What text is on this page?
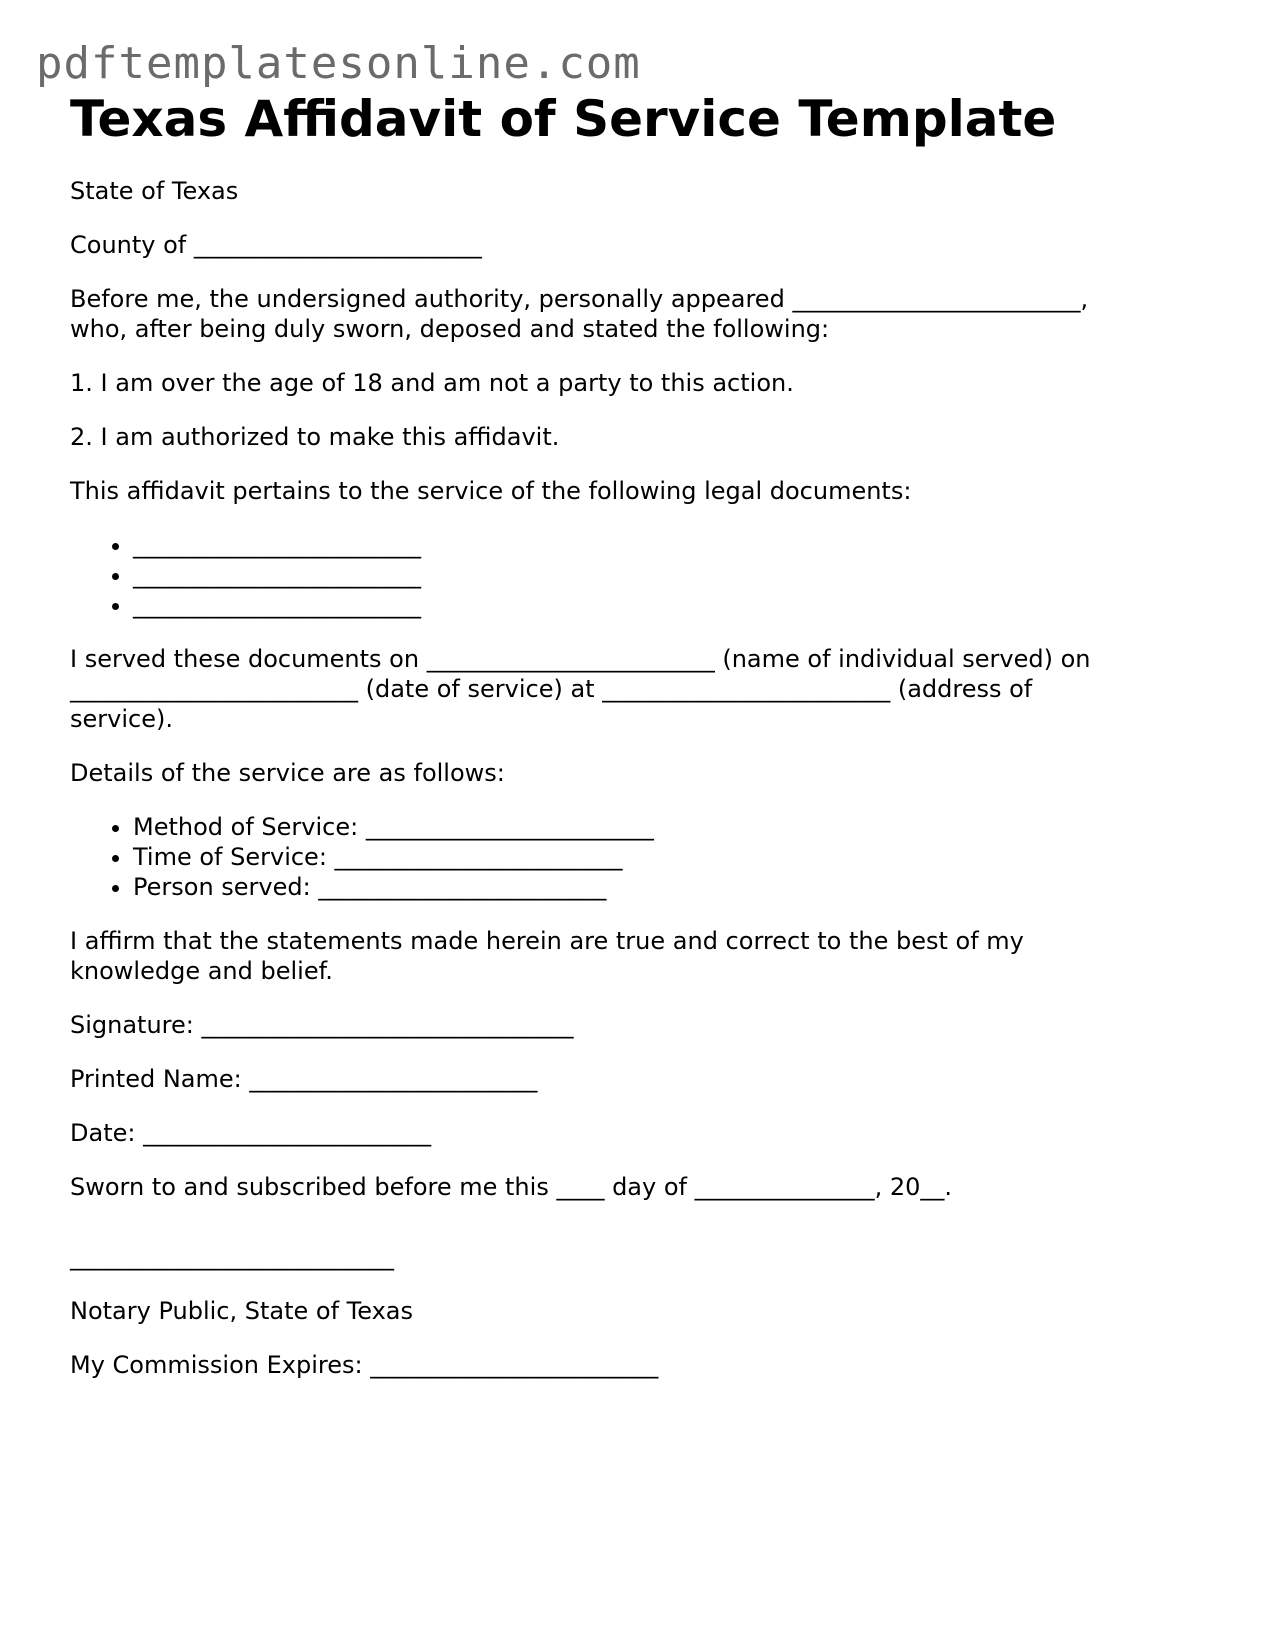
pdftemplatesonline.com
Texas Affidavit of Service Template

State of Texas

County of ________________________

Before me, the undersigned authority, personally appeared ________________________,

who, after being duly sworn, deposed and stated the following:

1. I am over the age of 18 and am not a party to this action.

2. I am authorized to make this affidavit.

This affidavit pertains to the service of the following legal documents:

• ________________________
• ________________________
• ________________________

I served these documents on ________________________ (name of individual served) on

________________________ (date of service) at ________________________ (address of

service).

Details of the service are as follows:

• Method of Service: ________________________
• Time of Service: ________________________
• Person served: ________________________

I affirm that the statements made herein are true and correct to the best of my

knowledge and belief.

Signature: _______________________________

Printed Name: ________________________

Date: ________________________

Sworn to and subscribed before me this ____ day of _______________, 20__.

___________________________

Notary Public, State of Texas

My Commission Expires: ________________________
